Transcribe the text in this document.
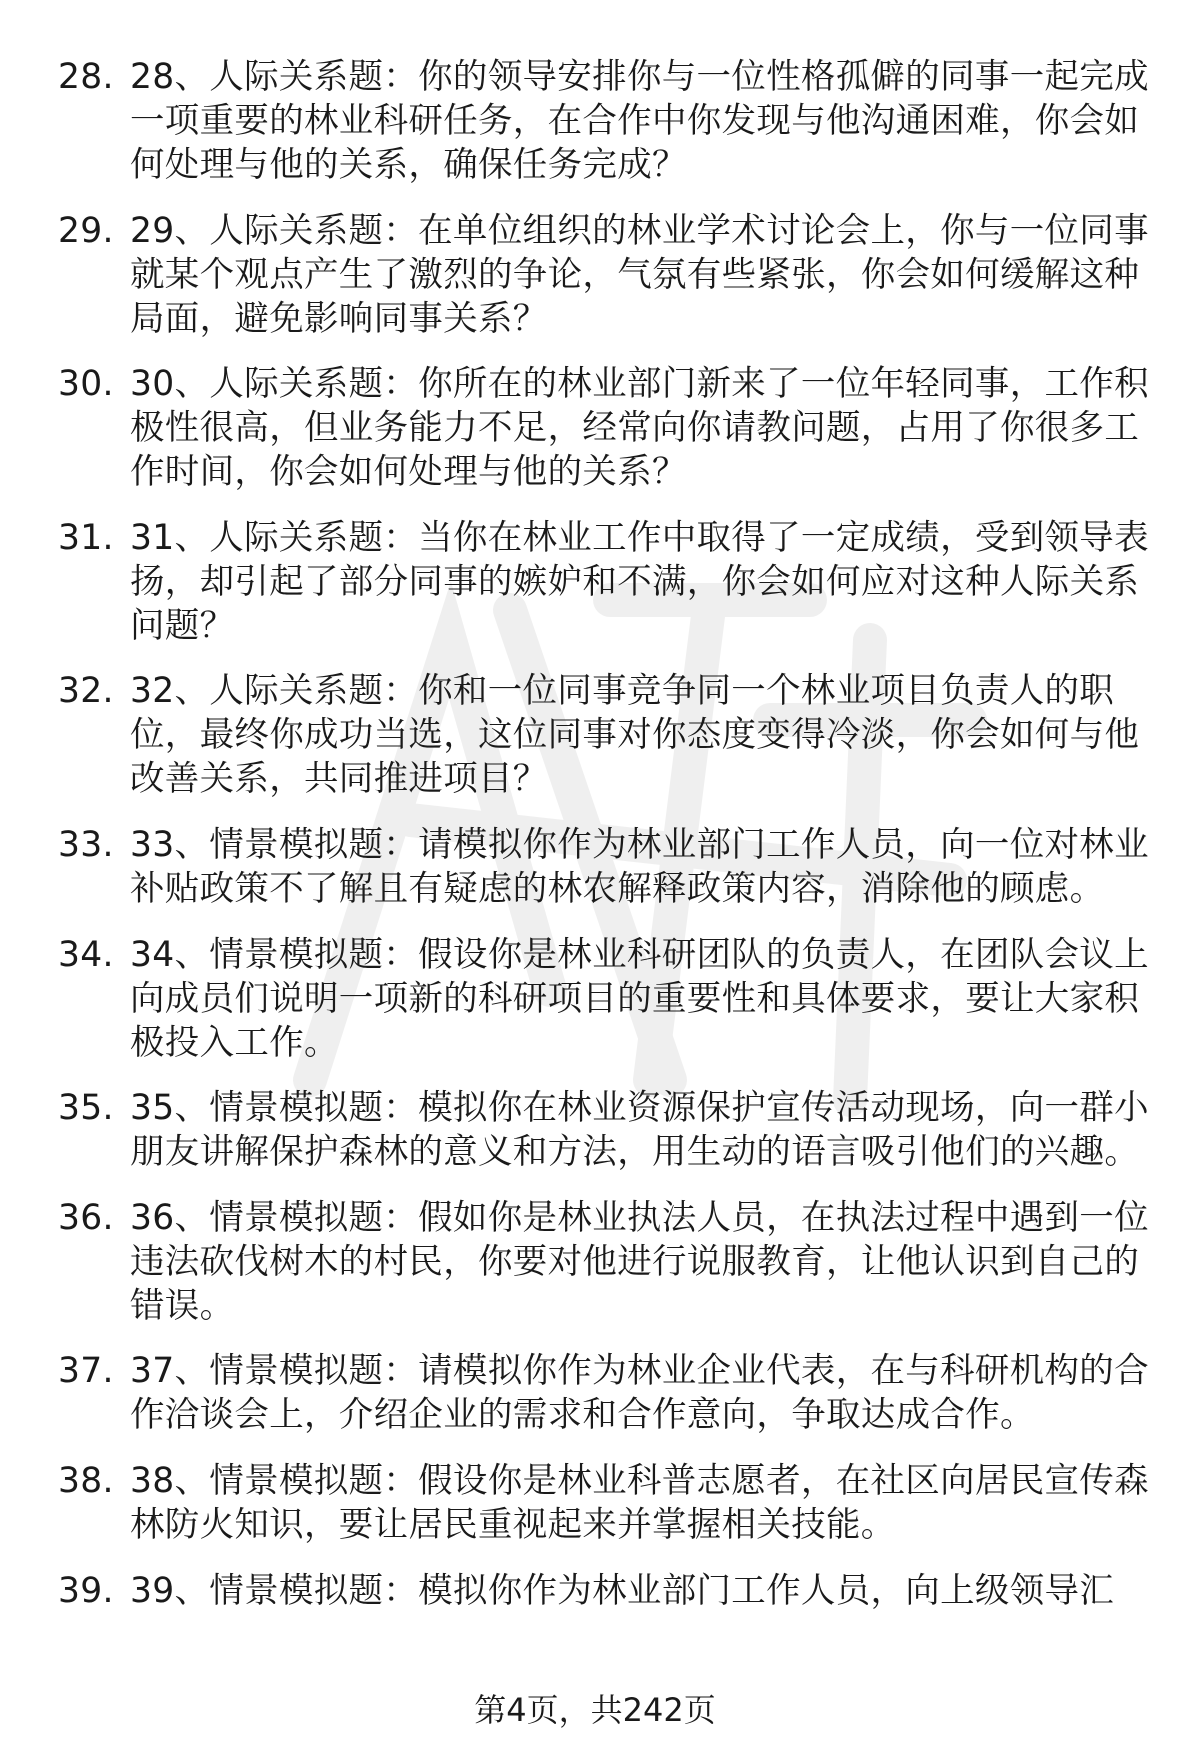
28. 28、人际关系题：你的领导安排你与一位性格孤僻的同事一起完成一项重要的林业科研任务，在合作中你发现与他沟通困难，你会如何处理与他的关系，确保任务完成？
29. 29、人际关系题：在单位组织的林业学术讨论会上，你与一位同事就某个观点产生了激烈的争论，气氛有些紧张，你会如何缓解这种局面，避免影响同事关系？
30. 30、人际关系题：你所在的林业部门新来了一位年轻同事，工作积极性很高，但业务能力不足，经常向你请教问题，占用了你很多工作时间，你会如何处理与他的关系？
31. 31、人际关系题：当你在林业工作中取得了一定成绩，受到领导表扬，却引起了部分同事的嫉妒和不满，你会如何应对这种人际关系问题？
32. 32、人际关系题：你和一位同事竞争同一个林业项目负责人的职位，最终你成功当选，这位同事对你态度变得冷淡，你会如何与他改善关系，共同推进项目？
33. 33、情景模拟题：请模拟你作为林业部门工作人员，向一位对林业补贴政策不了解且有疑虑的林农解释政策内容，消除他的顾虑。
34. 34、情景模拟题：假设你是林业科研团队的负责人，在团队会议上向成员们说明一项新的科研项目的重要性和具体要求，要让大家积极投入工作。
35. 35、情景模拟题：模拟你在林业资源保护宣传活动现场，向一群小朋友讲解保护森林的意义和方法，用生动的语言吸引他们的兴趣。
36. 36、情景模拟题：假如你是林业执法人员，在执法过程中遇到一位违法砍伐树木的村民，你要对他进行说服教育，让他认识到自己的错误。
37. 37、情景模拟题：请模拟你作为林业企业代表，在与科研机构的合作洽谈会上，介绍企业的需求和合作意向，争取达成合作。
38. 38、情景模拟题：假设你是林业科普志愿者，在社区向居民宣传森林防火知识，要让居民重视起来并掌握相关技能。
39. 39、情景模拟题：模拟你作为林业部门工作人员，向上级领导汇
第4页，共242页
